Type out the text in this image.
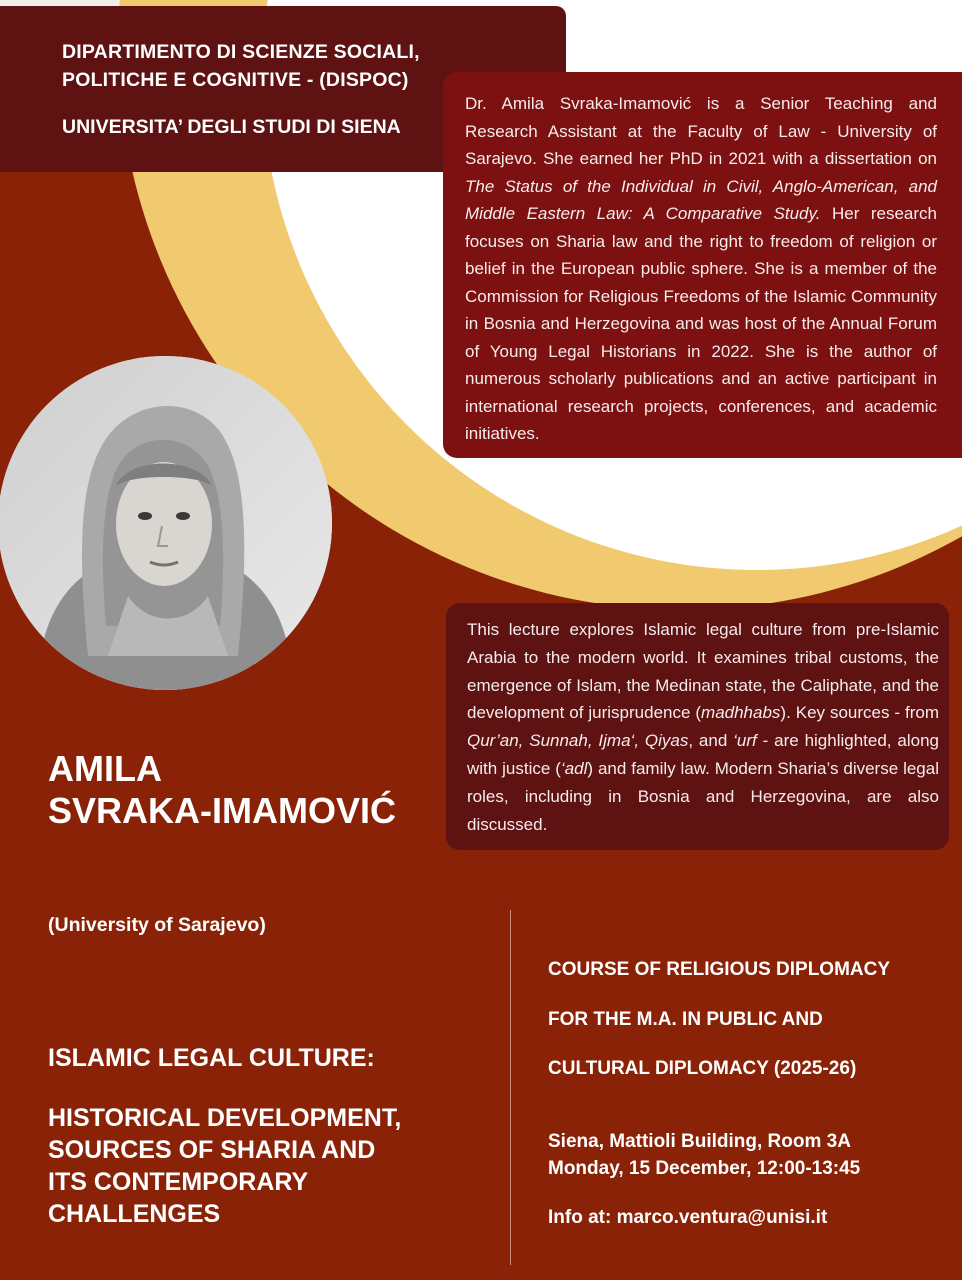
DIPARTIMENTO DI SCIENZE SOCIALI,
POLITICHE E COGNITIVE - (DISPOC)
UNIVERSITA’ DEGLI STUDI DI SIENA
Dr. Amila Svraka-Imamović is a Senior Teaching and Research Assistant at the Faculty of Law - University of Sarajevo. She earned her PhD in 2021 with a dissertation on The Status of the Individual in Civil, Anglo-American, and Middle Eastern Law: A Comparative Study. Her research focuses on Sharia law and the right to freedom of religion or belief in the European public sphere. She is a member of the Commission for Religious Freedoms of the Islamic Community in Bosnia and Herzegovina and was host of the Annual Forum of Young Legal Historians in 2022. She is the author of numerous scholarly publications and an active participant in international research projects, conferences, and academic initiatives.
This lecture explores Islamic legal culture from pre-Islamic Arabia to the modern world. It examines tribal customs, the emergence of Islam, the Medinan state, the Caliphate, and the development of jurisprudence (madhhabs). Key sources - from Qur’an, Sunnah, Ijma‘, Qiyas, and ‘urf - are highlighted, along with justice (‘adl) and family law. Modern Sharia’s diverse legal roles, including in Bosnia and Herzegovina, are also discussed.
AMILA
SVRAKA-IMAMOVIĆ
(University of Sarajevo)
ISLAMIC LEGAL CULTURE:
HISTORICAL DEVELOPMENT,
SOURCES OF SHARIA AND
ITS CONTEMPORARY
CHALLENGES
COURSE OF RELIGIOUS DIPLOMACY
FOR THE M.A. IN PUBLIC AND
CULTURAL DIPLOMACY (2025-26)
Siena, Mattioli Building, Room 3A
Monday, 15 December, 12:00-13:45
Info at: marco.ventura@unisi.it
